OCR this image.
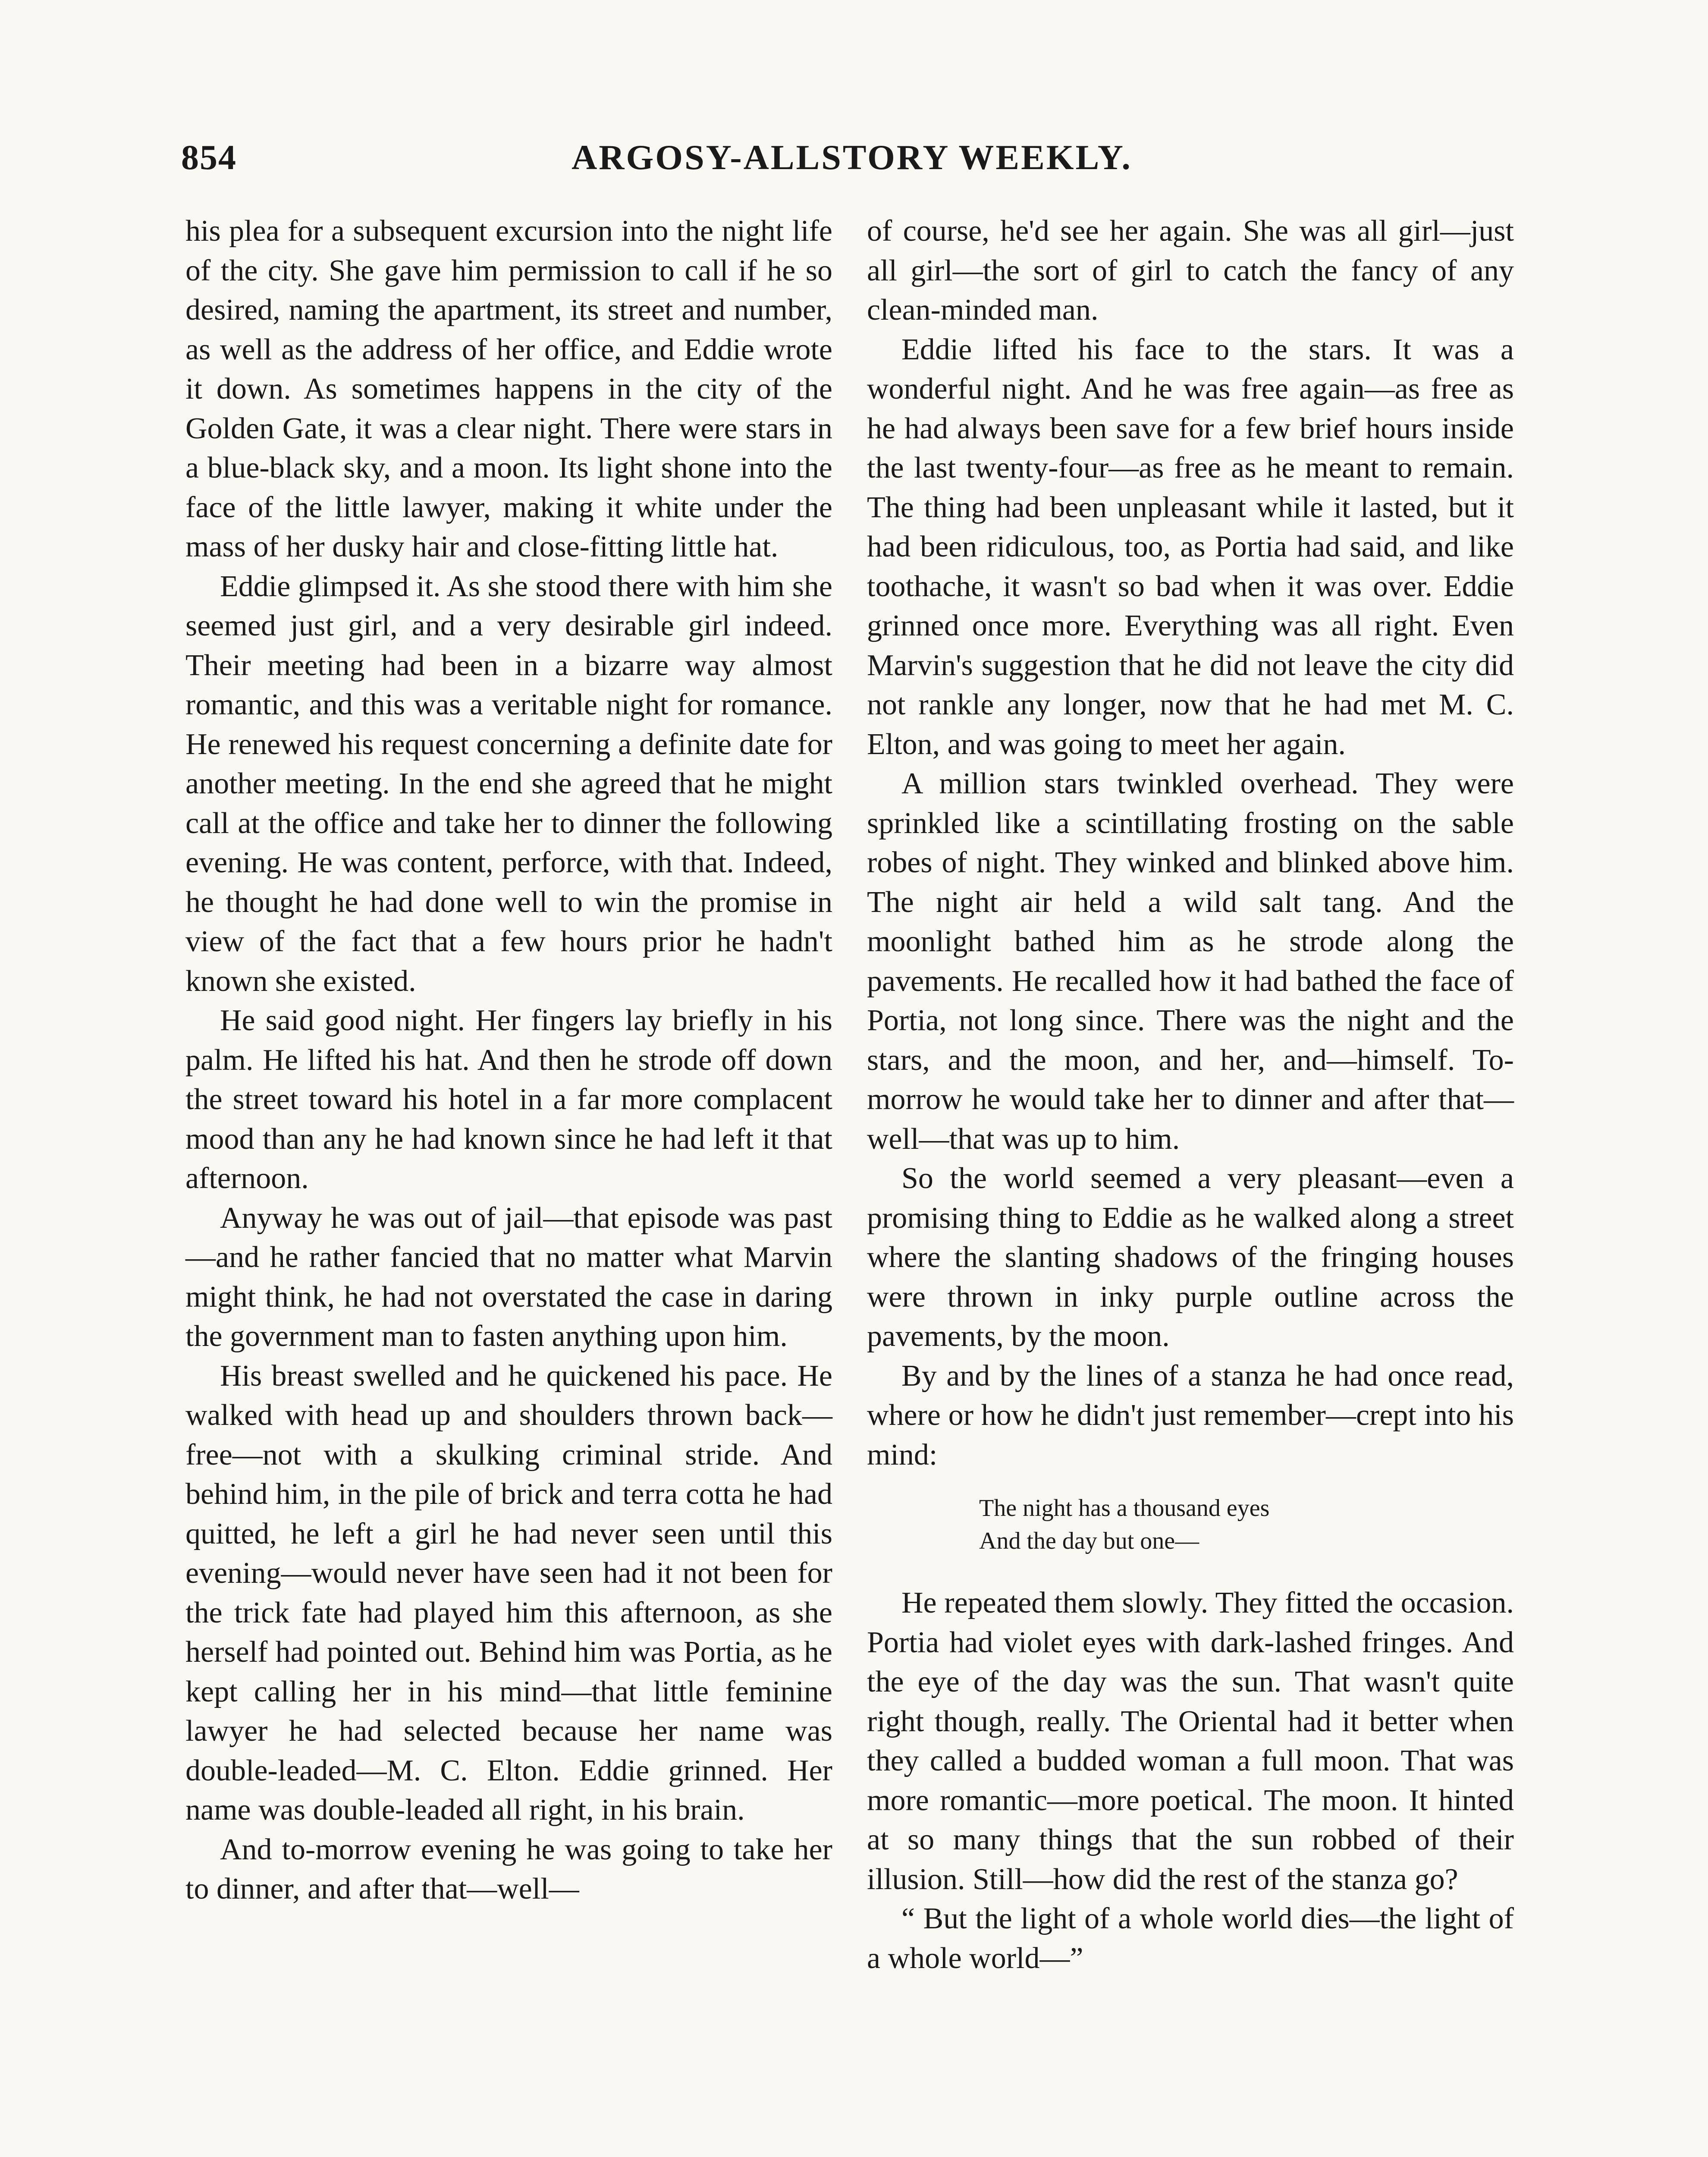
854	ARGOSY-ALLSTORY WEEKLY.

his plea for a subsequent excursion into the night life of the city. She gave him permission to call if he so desired, naming the apartment, its street and number, as well as the address of her office, and Eddie wrote it down. As sometimes happens in the city of the Golden Gate, it was a clear night. There were stars in a blue-black sky, and a moon. Its light shone into the face of the little lawyer, making it white under the mass of her dusky hair and close-fitting little hat.

Eddie glimpsed it. As she stood there with him she seemed just girl, and a very desirable girl indeed. Their meeting had been in a bizarre way almost romantic, and this was a veritable night for romance. He renewed his request concerning a definite date for another meeting. In the end she agreed that he might call at the office and take her to dinner the following evening. He was content, perforce, with that. Indeed, he thought he had done well to win the promise in view of the fact that a few hours prior he hadn't known she existed.

He said good night. Her fingers lay briefly in his palm. He lifted his hat. And then he strode off down the street toward his hotel in a far more complacent mood than any he had known since he had left it that afternoon.

Anyway he was out of jail—that episode was past—and he rather fancied that no matter what Marvin might think, he had not overstated the case in daring the government man to fasten anything upon him.

His breast swelled and he quickened his pace. He walked with head up and shoulders thrown back—free—not with a skulking criminal stride. And behind him, in the pile of brick and terra cotta he had quitted, he left a girl he had never seen until this evening—would never have seen had it not been for the trick fate had played him this afternoon, as she herself had pointed out. Behind him was Portia, as he kept calling her in his mind—that little feminine lawyer he had selected because her name was double-leaded—M. C. Elton. Eddie grinned. Her name was double-leaded all right, in his brain.

And to-morrow evening he was going to take her to dinner, and after that—well—

of course, he'd see her again. She was all girl—just all girl—the sort of girl to catch the fancy of any clean-minded man.

Eddie lifted his face to the stars. It was a wonderful night. And he was free again—as free as he had always been save for a few brief hours inside the last twenty-four—as free as he meant to remain. The thing had been unpleasant while it lasted, but it had been ridiculous, too, as Portia had said, and like toothache, it wasn't so bad when it was over. Eddie grinned once more. Everything was all right. Even Marvin's suggestion that he did not leave the city did not rankle any longer, now that he had met M. C. Elton, and was going to meet her again.

A million stars twinkled overhead. They were sprinkled like a scintillating frosting on the sable robes of night. They winked and blinked above him. The night air held a wild salt tang. And the moonlight bathed him as he strode along the pavements. He recalled how it had bathed the face of Portia, not long since. There was the night and the stars, and the moon, and her, and—himself. To-morrow he would take her to dinner and after that—well—that was up to him.

So the world seemed a very pleasant—even a promising thing to Eddie as he walked along a street where the slanting shadows of the fringing houses were thrown in inky purple outline across the pavements, by the moon.

By and by the lines of a stanza he had once read, where or how he didn't just remember—crept into his mind:

The night has a thousand eyes
And the day but one—

He repeated them slowly. They fitted the occasion. Portia had violet eyes with dark-lashed fringes. And the eye of the day was the sun. That wasn't quite right though, really. The Oriental had it better when they called a budded woman a full moon. That was more romantic—more poetical. The moon. It hinted at so many things that the sun robbed of their illusion. Still—how did the rest of the stanza go?

“ But the light of a whole world dies—the light of a whole world—”
